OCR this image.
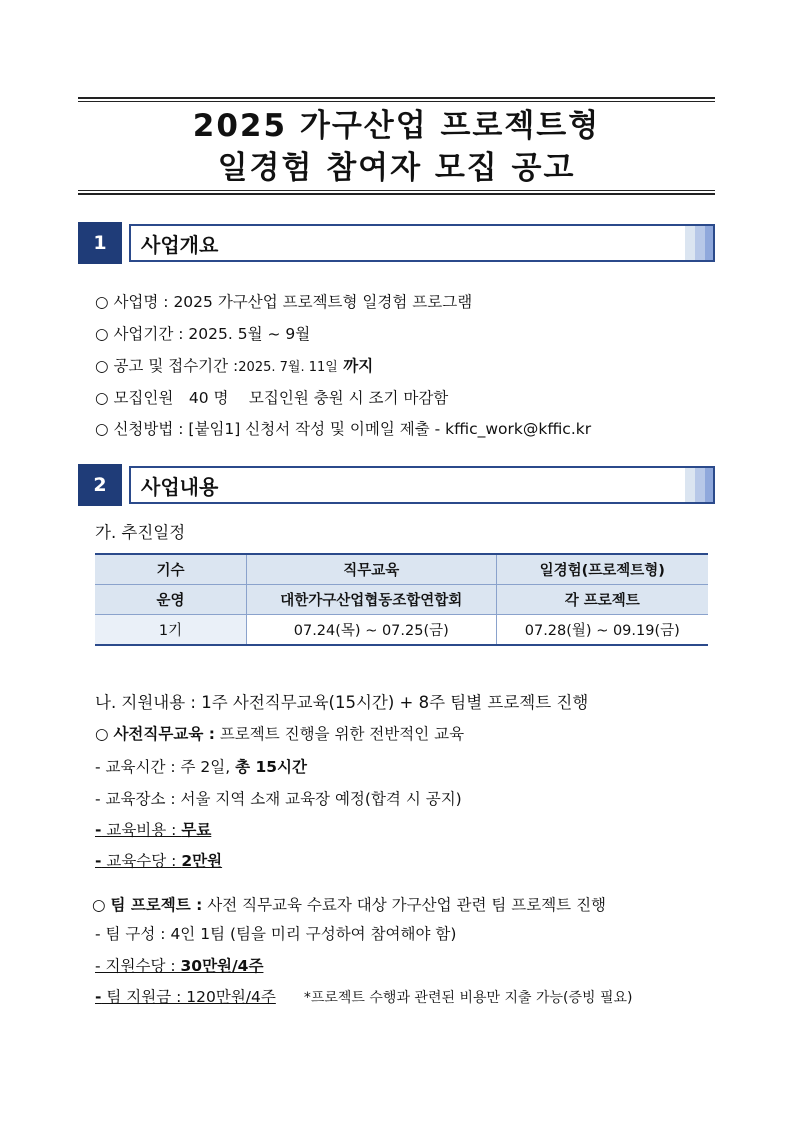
2025 가구산업 프로젝트형
일경험 참여자 모집 공고
1	사업개요
○ 사업명 : 2025 가구산업 프로젝트형 일경험 프로그램
○ 사업기간 : 2025. 5월 ~ 9월
○ 공고 및 접수기간 :2025. 7월. 11일 까지
○ 모집인원　40 명　 모집인원 충원 시 조기 마감함
○ 신청방법 : [붙임1] 신청서 작성 및 이메일 제출 - kffic_work@kffic.kr
2	사업내용
가. 추진일정
기수	직무교육	일경험(프로젝트형)
운영	대한가구산업협동조합연합회	각 프로젝트
1기	07.24(목) ~ 07.25(금)	07.28(월) ~ 09.19(금)
나. 지원내용 : 1주 사전직무교육(15시간) + 8주 팀별 프로젝트 진행
○ 사전직무교육 : 프로젝트 진행을 위한 전반적인 교육
- 교육시간 : 주 2일, 총 15시간
- 교육장소 : 서울 지역 소재 교육장 예정(합격 시 공지)
- 교육비용 : 무료
- 교육수당 : 2만원
○ 팀 프로젝트 : 사전 직무교육 수료자 대상 가구산업 관련 팀 프로젝트 진행
- 팀 구성 : 4인 1팀 (팀을 미리 구성하여 참여해야 함)
- 지원수당 : 30만원/4주
- 팀 지원금 : 120만원/4주 *프로젝트 수행과 관련된 비용만 지출 가능(증빙 필요)
